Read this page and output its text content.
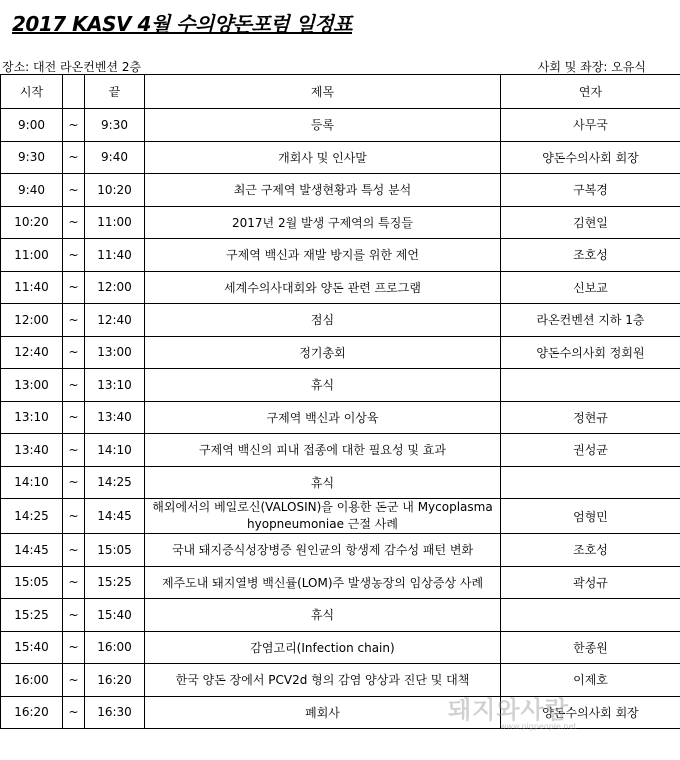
2017 KASV 4월 수의양돈포럼 일정표
장소: 대전 라온컨벤션 2층	사회 및 좌장: 오유식
시작		끝	제목	연자
9:00	~	9:30	등록	사무국
9:30	~	9:40	개회사 및 인사말	양돈수의사회 회장
9:40	~	10:20	최근 구제역 발생현황과 특성 분석	구복경
10:20	~	11:00	2017년 2월 발생 구제역의 특징들	김현일
11:00	~	11:40	구제역 백신과 재발 방지를 위한 제언	조호성
11:40	~	12:00	세계수의사대회와 양돈 관련 프로그램	신보교
12:00	~	12:40	점심	라온컨벤션 지하 1층
12:40	~	13:00	정기총회	양돈수의사회 정회원
13:00	~	13:10	휴식	
13:10	~	13:40	구제역 백신과 이상육	정현규
13:40	~	14:10	구제역 백신의 피내 접종에 대한 필요성 및 효과	권성균
14:10	~	14:25	휴식	
14:25	~	14:45	해외에서의 베일로신(VALOSIN)을 이용한 돈군 내 Mycoplasma hyopneumoniae 근절 사례	엄형민
14:45	~	15:05	국내 돼지증식성장병증 원인균의 항생제 감수성 패턴 변화	조호성
15:05	~	15:25	제주도내 돼지열병 백신률(LOM)주 발생농장의 임상증상 사례	곽성규
15:25	~	15:40	휴식	
15:40	~	16:00	감염고리(Infection chain)	한종원
16:00	~	16:20	한국 양돈 장에서 PCV2d 형의 감염 양상과 진단 및 대책	이제호
16:20	~	16:30	폐회사	양돈수의사회 회장
돼지와사람
www.pigpeople.net
